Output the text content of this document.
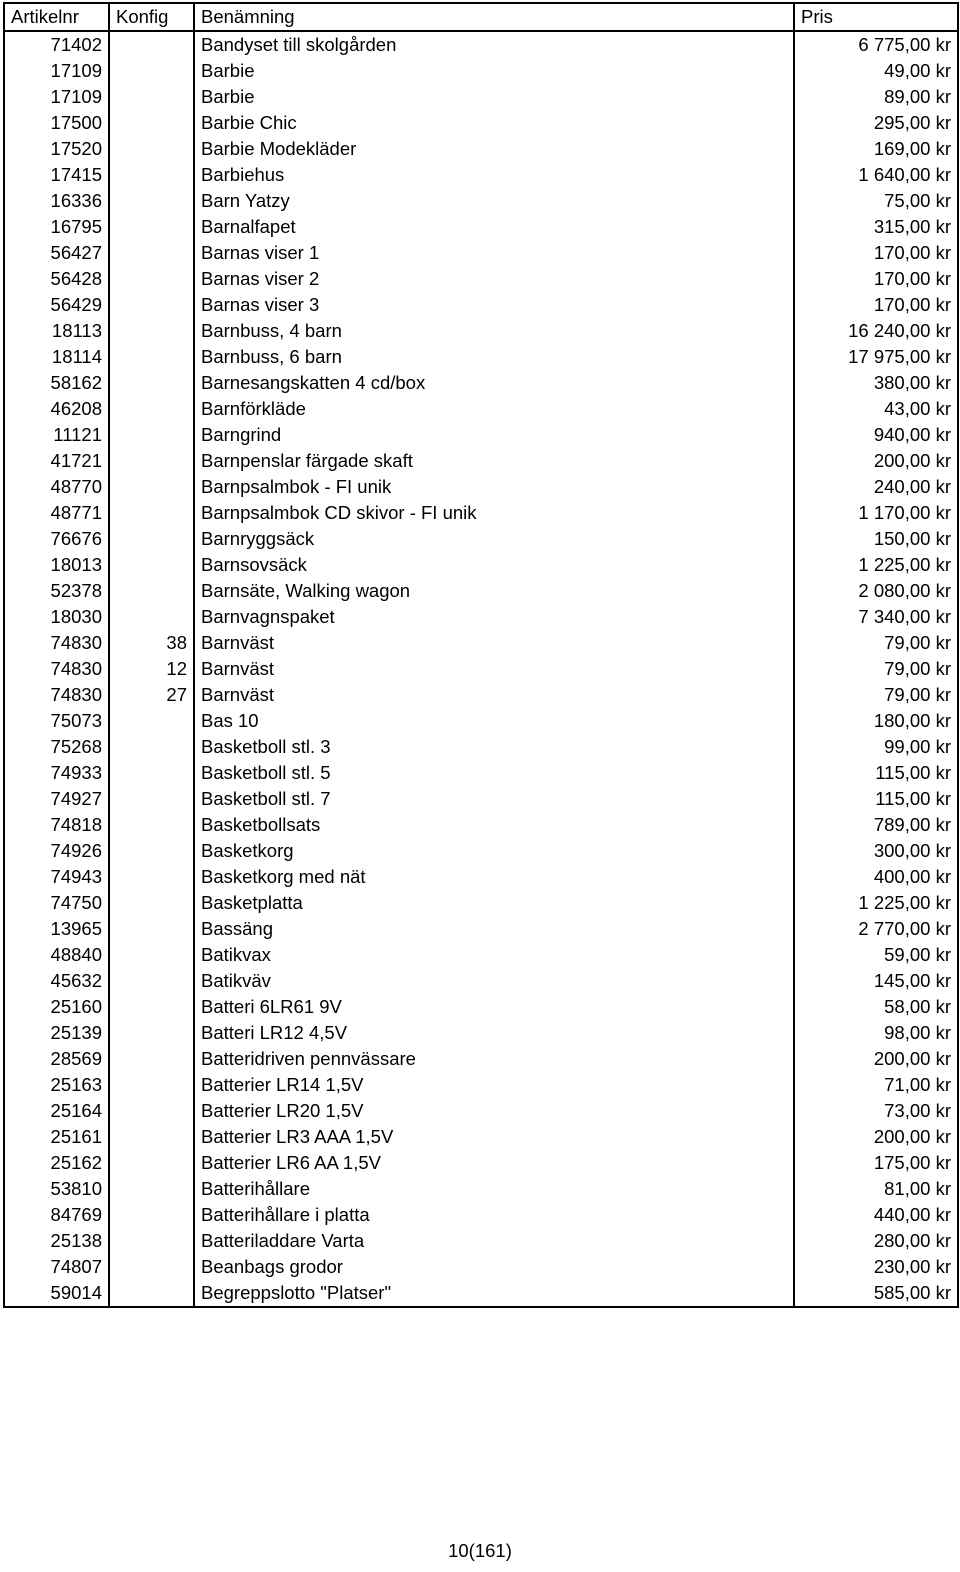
Artikelnr	Konfig	Benämning	Pris
71402		Bandyset till skolgården	6 775,00 kr
17109		Barbie	49,00 kr
17109		Barbie	89,00 kr
17500		Barbie Chic	295,00 kr
17520		Barbie Modekläder	169,00 kr
17415		Barbiehus	1 640,00 kr
16336		Barn Yatzy	75,00 kr
16795		Barnalfapet	315,00 kr
56427		Barnas viser 1	170,00 kr
56428		Barnas viser 2	170,00 kr
56429		Barnas viser 3	170,00 kr
18113		Barnbuss, 4 barn	16 240,00 kr
18114		Barnbuss, 6 barn	17 975,00 kr
58162		Barnesangskatten 4 cd/box	380,00 kr
46208		Barnförkläde	43,00 kr
11121		Barngrind	940,00 kr
41721		Barnpenslar färgade skaft	200,00 kr
48770		Barnpsalmbok - FI unik	240,00 kr
48771		Barnpsalmbok CD skivor - FI unik	1 170,00 kr
76676		Barnryggsäck	150,00 kr
18013		Barnsovsäck	1 225,00 kr
52378		Barnsäte, Walking wagon	2 080,00 kr
18030		Barnvagnspaket	7 340,00 kr
74830	38	Barnväst	79,00 kr
74830	12	Barnväst	79,00 kr
74830	27	Barnväst	79,00 kr
75073		Bas 10	180,00 kr
75268		Basketboll stl. 3	99,00 kr
74933		Basketboll stl. 5	115,00 kr
74927		Basketboll stl. 7	115,00 kr
74818		Basketbollsats	789,00 kr
74926		Basketkorg	300,00 kr
74943		Basketkorg med nät	400,00 kr
74750		Basketplatta	1 225,00 kr
13965		Bassäng	2 770,00 kr
48840		Batikvax	59,00 kr
45632		Batikväv	145,00 kr
25160		Batteri 6LR61 9V	58,00 kr
25139		Batteri LR12 4,5V	98,00 kr
28569		Batteridriven pennvässare	200,00 kr
25163		Batterier LR14 1,5V	71,00 kr
25164		Batterier LR20 1,5V	73,00 kr
25161		Batterier LR3 AAA 1,5V	200,00 kr
25162		Batterier LR6 AA 1,5V	175,00 kr
53810		Batterihållare	81,00 kr
84769		Batterihållare i platta	440,00 kr
25138		Batteriladdare Varta	280,00 kr
74807		Beanbags grodor	230,00 kr
59014		Begreppslotto "Platser"	585,00 kr
10(161)
